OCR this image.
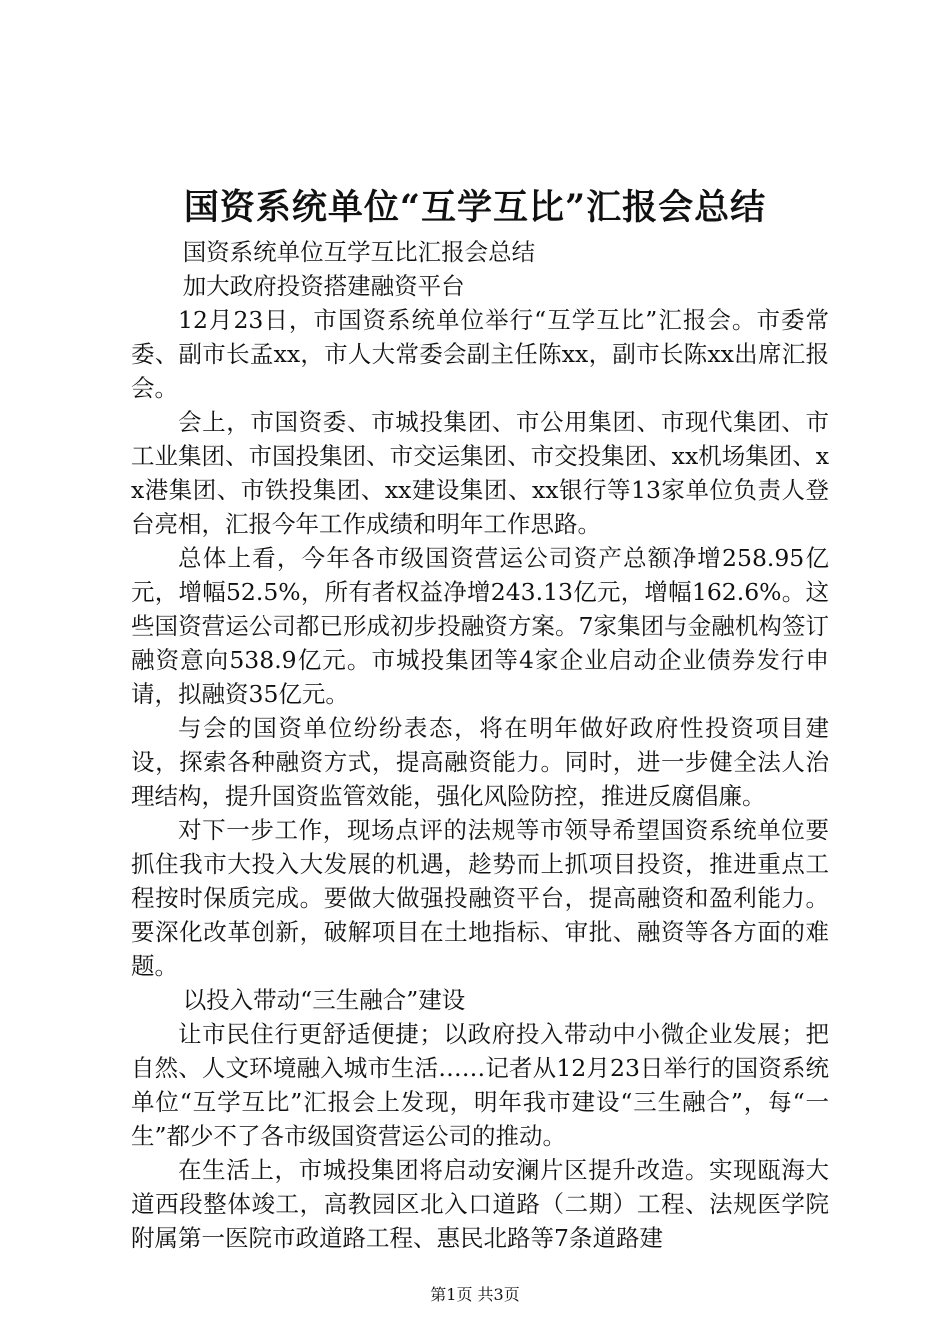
国资系统单位“互学互比”汇报会总结

国资系统单位互学互比汇报会总结

加大政府投资搭建融资平台

12月23日，市国资系统单位举行“互学互比”汇报会。市委常委、副市长孟xx，市人大常委会副主任陈xx，副市长陈xx出席汇报会。

会上，市国资委、市城投集团、市公用集团、市现代集团、市工业集团、市国投集团、市交运集团、市交投集团、xx机场集团、xx港集团、市铁投集团、xx建设集团、xx银行等13家单位负责人登台亮相，汇报今年工作成绩和明年工作思路。

总体上看，今年各市级国资营运公司资产总额净增258.95亿元，增幅52.5%，所有者权益净增243.13亿元，增幅162.6%。这些国资营运公司都已形成初步投融资方案。7家集团与金融机构签订融资意向538.9亿元。市城投集团等4家企业启动企业债券发行申请，拟融资35亿元。

与会的国资单位纷纷表态，将在明年做好政府性投资项目建设，探索各种融资方式，提高融资能力。同时，进一步健全法人治理结构，提升国资监管效能，强化风险防控，推进反腐倡廉。

对下一步工作，现场点评的法规等市领导希望国资系统单位要抓住我市大投入大发展的机遇，趁势而上抓项目投资，推进重点工程按时保质完成。要做大做强投融资平台，提高融资和盈利能力。要深化改革创新，破解项目在土地指标、审批、融资等各方面的难题。

以投入带动“三生融合”建设

让市民住行更舒适便捷；以政府投入带动中小微企业发展；把自然、人文环境融入城市生活……记者从12月23日举行的国资系统单位“互学互比”汇报会上发现，明年我市建设“三生融合”，每“一生”都少不了各市级国资营运公司的推动。

在生活上，市城投集团将启动安澜片区提升改造。实现瓯海大道西段整体竣工，高教园区北入口道路（二期）工程、法规医学院附属第一医院市政道路工程、惠民北路等7条道路建

第1页 共3页
